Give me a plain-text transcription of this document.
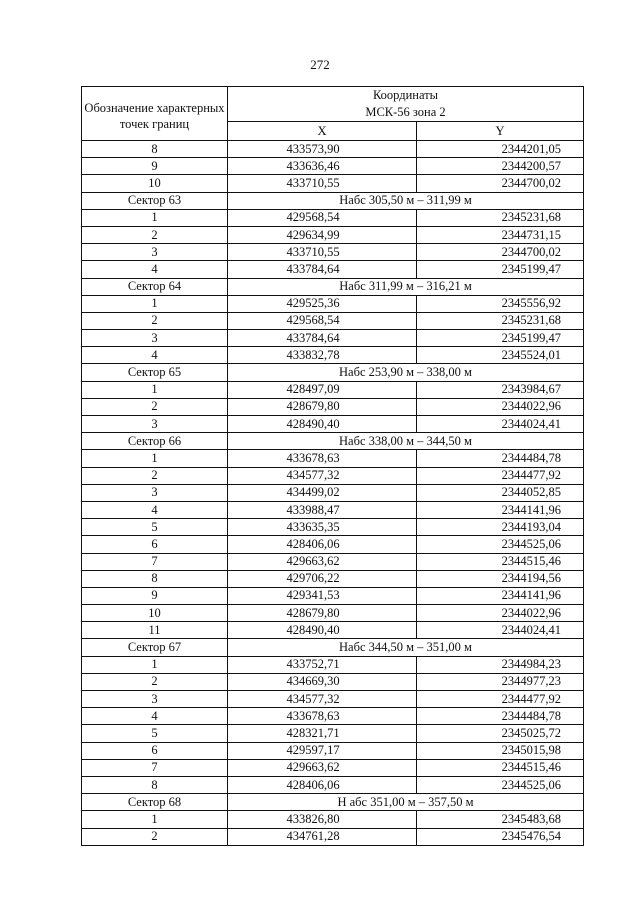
272
Обозначение характерных точек границ	Координаты
МСК-56 зона 2	

	X	Y
8	433573,90	2344201,05
9	433636,46	2344200,57
10	433710,55	2344700,02
Сектор 63	Набс 305,50 м – 311,99 м	
1	429568,54	2345231,68
2	429634,99	2344731,15
3	433710,55	2344700,02
4	433784,64	2345199,47
Сектор 64	Набс 311,99 м – 316,21 м	
1	429525,36	2345556,92
2	429568,54	2345231,68
3	433784,64	2345199,47
4	433832,78	2345524,01
Сектор 65	Набс 253,90 м – 338,00 м	
1	428497,09	2343984,67
2	428679,80	2344022,96
3	428490,40	2344024,41
Сектор 66	Набс 338,00 м – 344,50 м	
1	433678,63	2344484,78
2	434577,32	2344477,92
3	434499,02	2344052,85
4	433988,47	2344141,96
5	433635,35	2344193,04
6	428406,06	2344525,06
7	429663,62	2344515,46
8	429706,22	2344194,56
9	429341,53	2344141,96
10	428679,80	2344022,96
11	428490,40	2344024,41
Сектор 67	Набс 344,50 м – 351,00 м	
1	433752,71	2344984,23
2	434669,30	2344977,23
3	434577,32	2344477,92
4	433678,63	2344484,78
5	428321,71	2345025,72
6	429597,17	2345015,98
7	429663,62	2344515,46
8	428406,06	2344525,06
Сектор 68	Н абс 351,00 м – 357,50 м	
1	433826,80	2345483,68
2	434761,28	2345476,54
